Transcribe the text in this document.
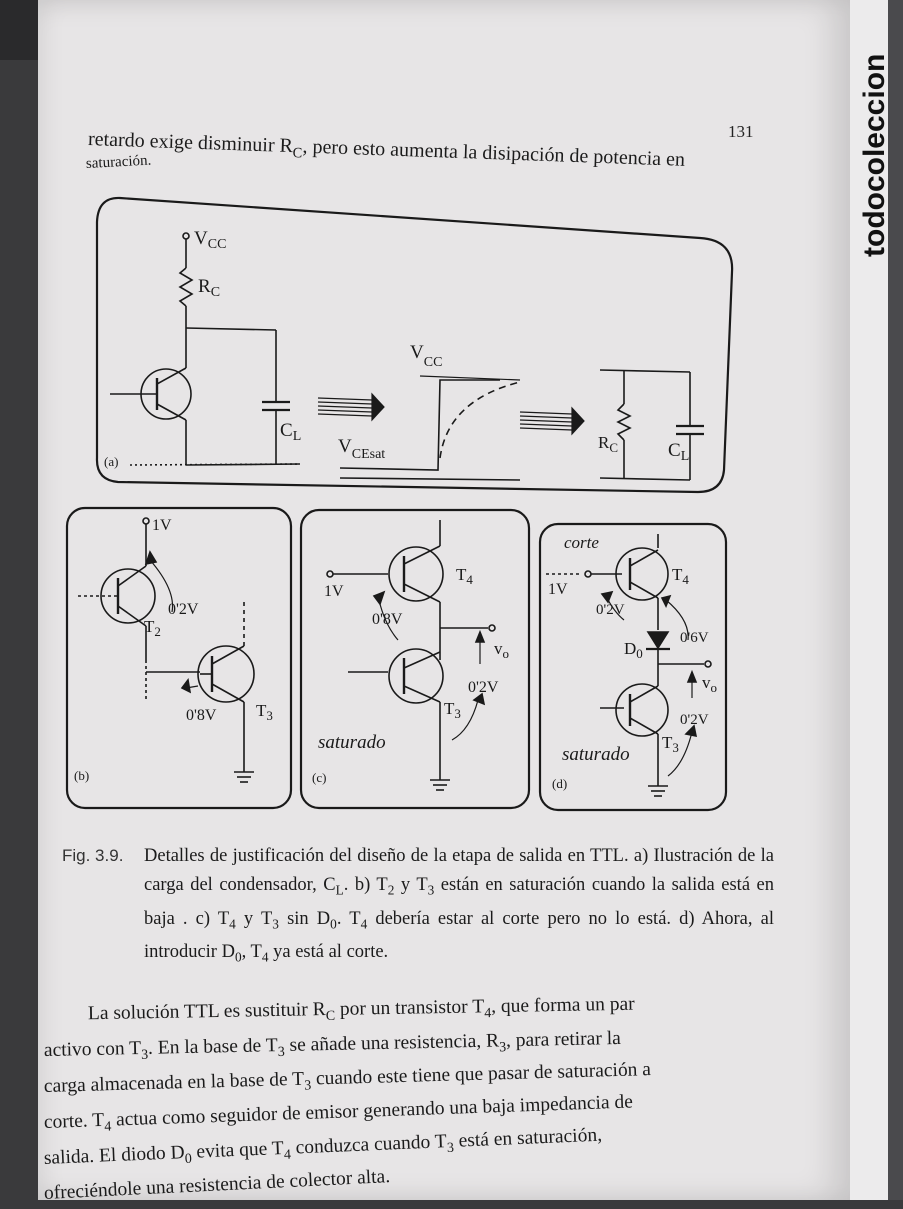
todocoleccion
131
retardo exige disminuir $R_C$, pero esto aumenta la disipación de potencia en
saturación.
(a)
$V_{CC}$
$R_C$
$C_L$
$V_{CC}$
$V_{CEsat}$
$R_C$	$C_L$
(b)
1V
0'2V
$T_2$
0'8V $T_3$
(c)
1V
$T_4$
0'8V
$v_o$
0'2V
$T_3$
saturado
(d)
corte
1V
$T_4$
0'2V
0'6V
$D_0$
$v_o$
0'2V
$T_3$
saturado
Fig. 3.9. Detalles de justificación del diseño de la etapa de salida en TTL. a) Ilustración de la carga del condensador, $C_L$. b) $T_2$ y $T_3$ están en saturación cuando la salida está en baja . c) $T_4$ y $T_3$ $\sin D_0$. $T_4$ debería estar al corte pero no lo está. d) Ahora, al introducir $D_0$, $T_4$ ya está al corte.

La solución TTL es sustituir $R_C$ por un transistor $T_4$, que forma un par
activo con $T_3$. En la base de $T_3$ se añade una resistencia, $R_3$, para retirar la
carga almacenada en la base de $T_3$ cuando este tiene que pasar de saturación a
corte. $T_4$ actua como seguidor de emisor generando una baja impedancia de
salida. El diodo $D_0$ evita que $T_4$ conduzca cuando $T_3$ está en saturación,
ofreciéndole una resistencia de colector alta.
